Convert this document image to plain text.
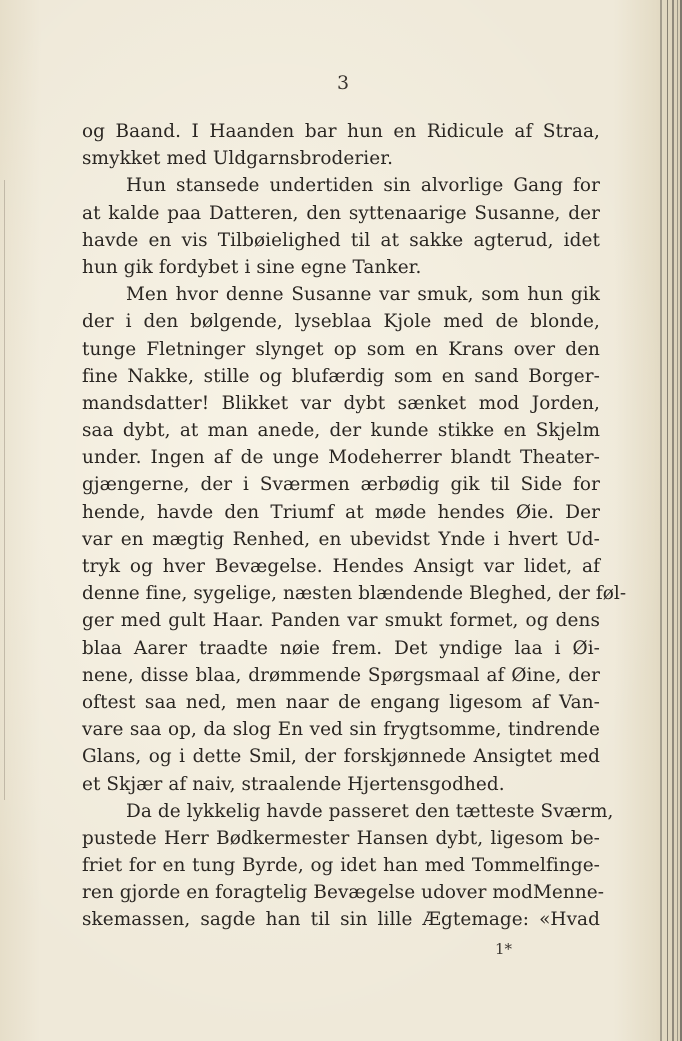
3
og Baand. I Haanden bar hun en Ridicule af Straa,
smykket med Uldgarnsbroderier.
Hun stansede undertiden sin alvorlige Gang for
at kalde paa Datteren, den syttenaarige Susanne, der
havde en vis Tilbøielighed til at sakke agterud, idet
hun gik fordybet i sine egne Tanker.
Men hvor denne Susanne var smuk, som hun gik
der i den bølgende, lyseblaa Kjole med de blonde,
tunge Fletninger slynget op som en Krans over den
fine Nakke, stille og blufærdig som en sand Borger-
mandsdatter! Blikket var dybt sænket mod Jorden,
saa dybt, at man anede, der kunde stikke en Skjelm
under. Ingen af de unge Modeherrer blandt Theater-
gjængerne, der i Sværmen ærbødig gik til Side for
hende, havde den Triumf at møde hendes Øie. Der
var en mægtig Renhed, en ubevidst Ynde i hvert Ud-
tryk og hver Bevægelse. Hendes Ansigt var lidet, af
denne fine, sygelige, næsten blændende Bleghed, der føl-
ger med gult Haar. Panden var smukt formet, og dens
blaa Aarer traadte nøie frem. Det yndige laa i Øi-
nene, disse blaa, drømmende Spørgsmaal af Øine, der
oftest saa ned, men naar de engang ligesom af Van-
vare saa op, da slog En ved sin frygtsomme, tindrende
Glans, og i dette Smil, der forskjønnede Ansigtet med
et Skjær af naiv, straalende Hjertensgodhed.
Da de lykkelig havde passeret den tætteste Sværm,
pustede Herr Bødkermester Hansen dybt, ligesom be-
friet for en tung Byrde, og idet han med Tommelfinge-
ren gjorde en foragtelig Bevægelse udover modMenne-
skemassen, sagde han til sin lille Ægtemage: «Hvad
1*
